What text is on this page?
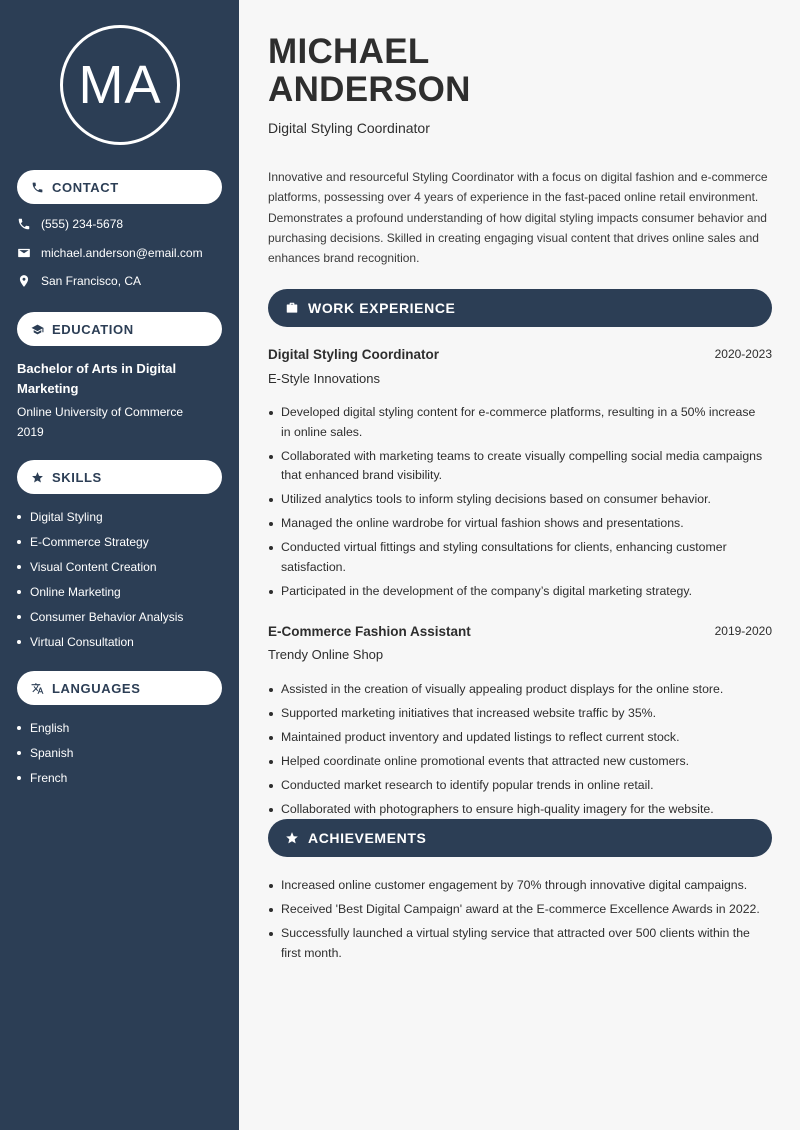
MA
CONTACT
(555) 234-5678
michael.anderson@email.com
San Francisco, CA
EDUCATION
Bachelor of Arts in Digital Marketing
Online University of Commerce
2019
SKILLS
Digital Styling
E-Commerce Strategy
Visual Content Creation
Online Marketing
Consumer Behavior Analysis
Virtual Consultation
LANGUAGES
English
Spanish
French
MICHAEL
ANDERSON
Digital Styling Coordinator

Innovative and resourceful Styling Coordinator with a focus on digital fashion and e-commerce platforms, possessing over 4 years of experience in the fast-paced online retail environment. Demonstrates a profound understanding of how digital styling impacts consumer behavior and purchasing decisions. Skilled in creating engaging visual content that drives online sales and enhances brand recognition.

WORK EXPERIENCE
Digital Styling Coordinator	2020-2023
E-Style Innovations
Developed digital styling content for e-commerce platforms, resulting in a 50% increase in online sales.
Collaborated with marketing teams to create visually compelling social media campaigns that enhanced brand visibility.
Utilized analytics tools to inform styling decisions based on consumer behavior.
Managed the online wardrobe for virtual fashion shows and presentations.
Conducted virtual fittings and styling consultations for clients, enhancing customer satisfaction.
Participated in the development of the company’s digital marketing strategy.
E-Commerce Fashion Assistant	2019-2020
Trendy Online Shop
Assisted in the creation of visually appealing product displays for the online store.
Supported marketing initiatives that increased website traffic by 35%.
Maintained product inventory and updated listings to reflect current stock.
Helped coordinate online promotional events that attracted new customers.
Conducted market research to identify popular trends in online retail.
Collaborated with photographers to ensure high-quality imagery for the website.
ACHIEVEMENTS
Increased online customer engagement by 70% through innovative digital campaigns.
Received 'Best Digital Campaign' award at the E-commerce Excellence Awards in 2022.
Successfully launched a virtual styling service that attracted over 500 clients within the first month.
